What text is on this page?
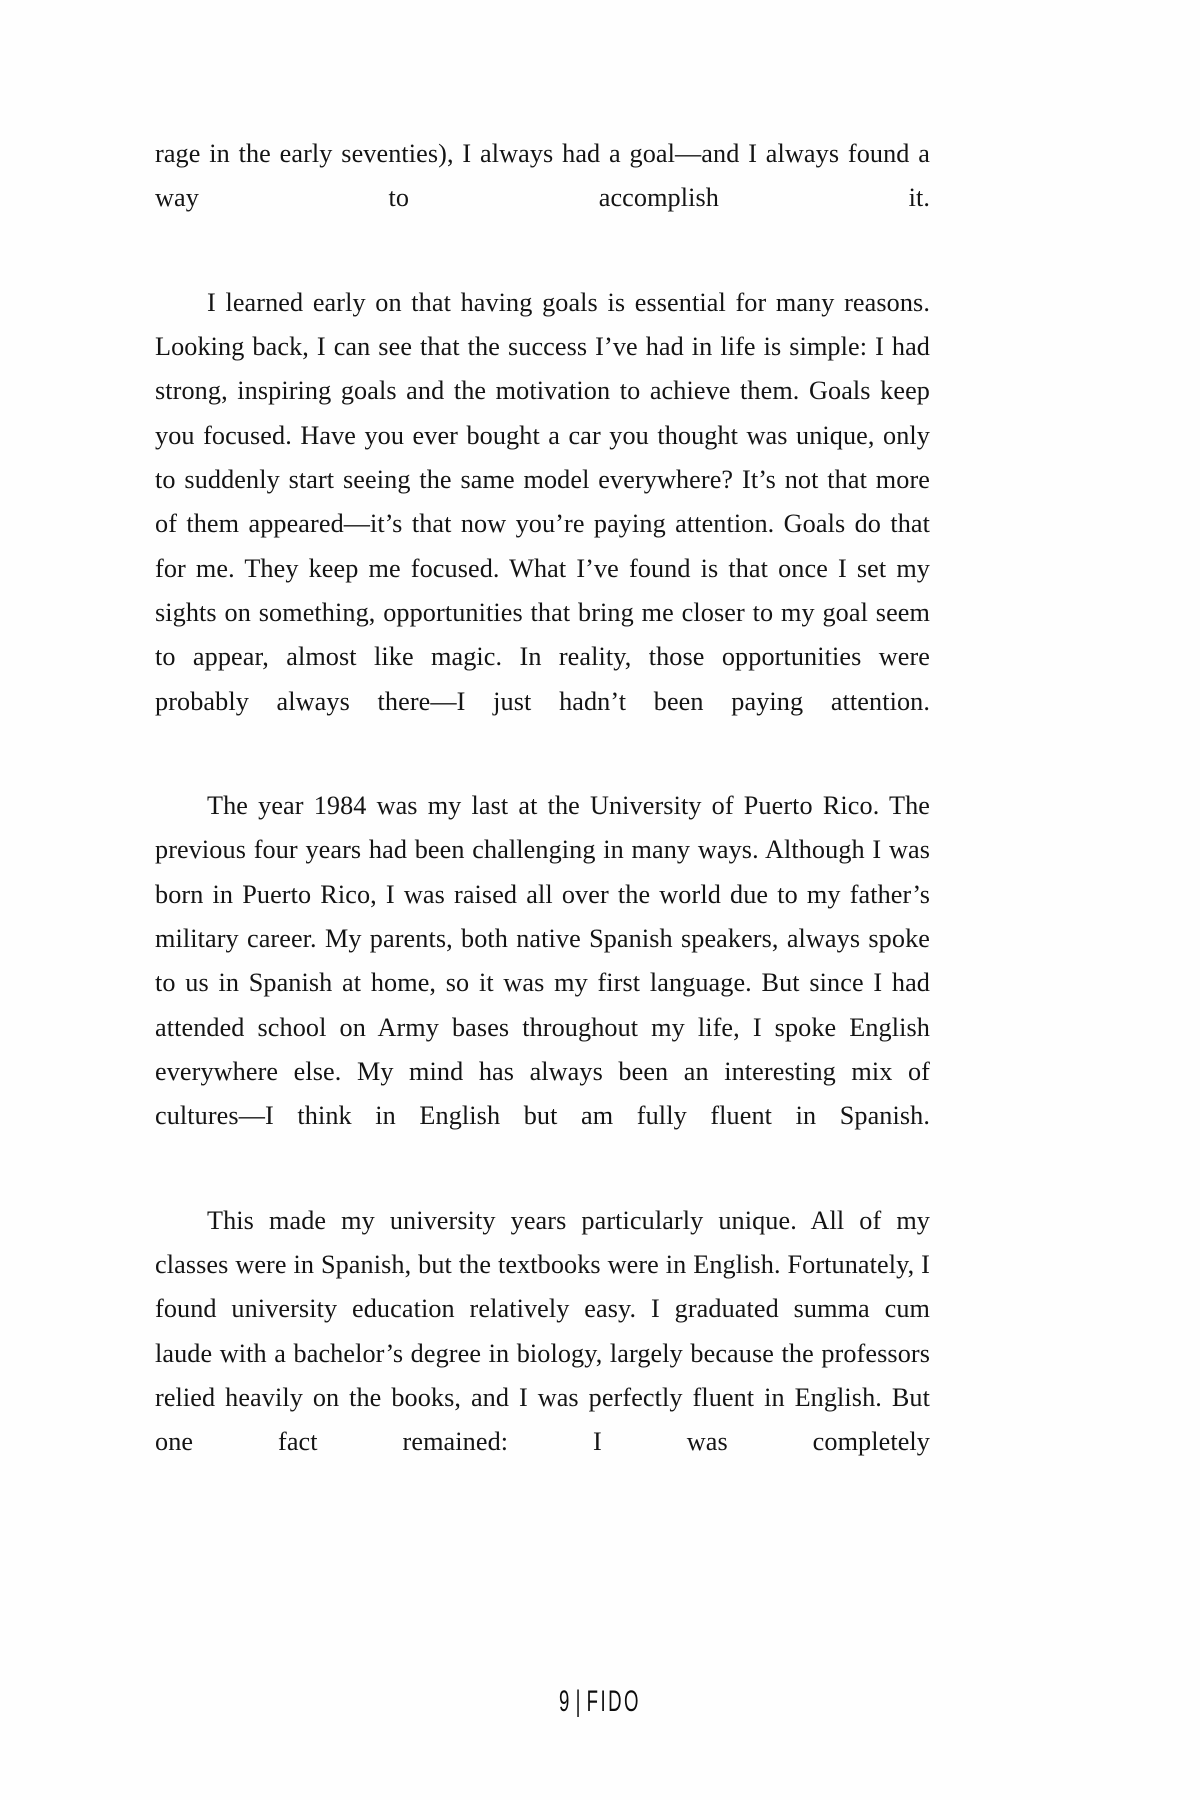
rage in the early seventies), I always had a goal—and I always found a way to accomplish it.

I learned early on that having goals is essential for many reasons. Looking back, I can see that the success I’ve had in life is simple: I had strong, inspiring goals and the motivation to achieve them. Goals keep you focused. Have you ever bought a car you thought was unique, only to suddenly start seeing the same model everywhere? It’s not that more of them appeared—it’s that now you’re paying attention. Goals do that for me. They keep me focused. What I’ve found is that once I set my sights on something, opportunities that bring me closer to my goal seem to appear, almost like magic. In reality, those opportunities were probably always there—I just hadn’t been paying attention.

The year 1984 was my last at the University of Puerto Rico. The previous four years had been challenging in many ways. Although I was born in Puerto Rico, I was raised all over the world due to my father’s military career. My parents, both native Spanish speakers, always spoke to us in Spanish at home, so it was my first language. But since I had attended school on Army bases throughout my life, I spoke English everywhere else. My mind has always been an interesting mix of cultures—I think in English but am fully fluent in Spanish.

This made my university years particularly unique. All of my classes were in Spanish, but the textbooks were in English. Fortunately, I found university education relatively easy. I graduated summa cum laude with a bachelor’s degree in biology, largely because the professors relied heavily on the books, and I was perfectly fluent in English. But one fact remained: I was completely

9 | FIDO
